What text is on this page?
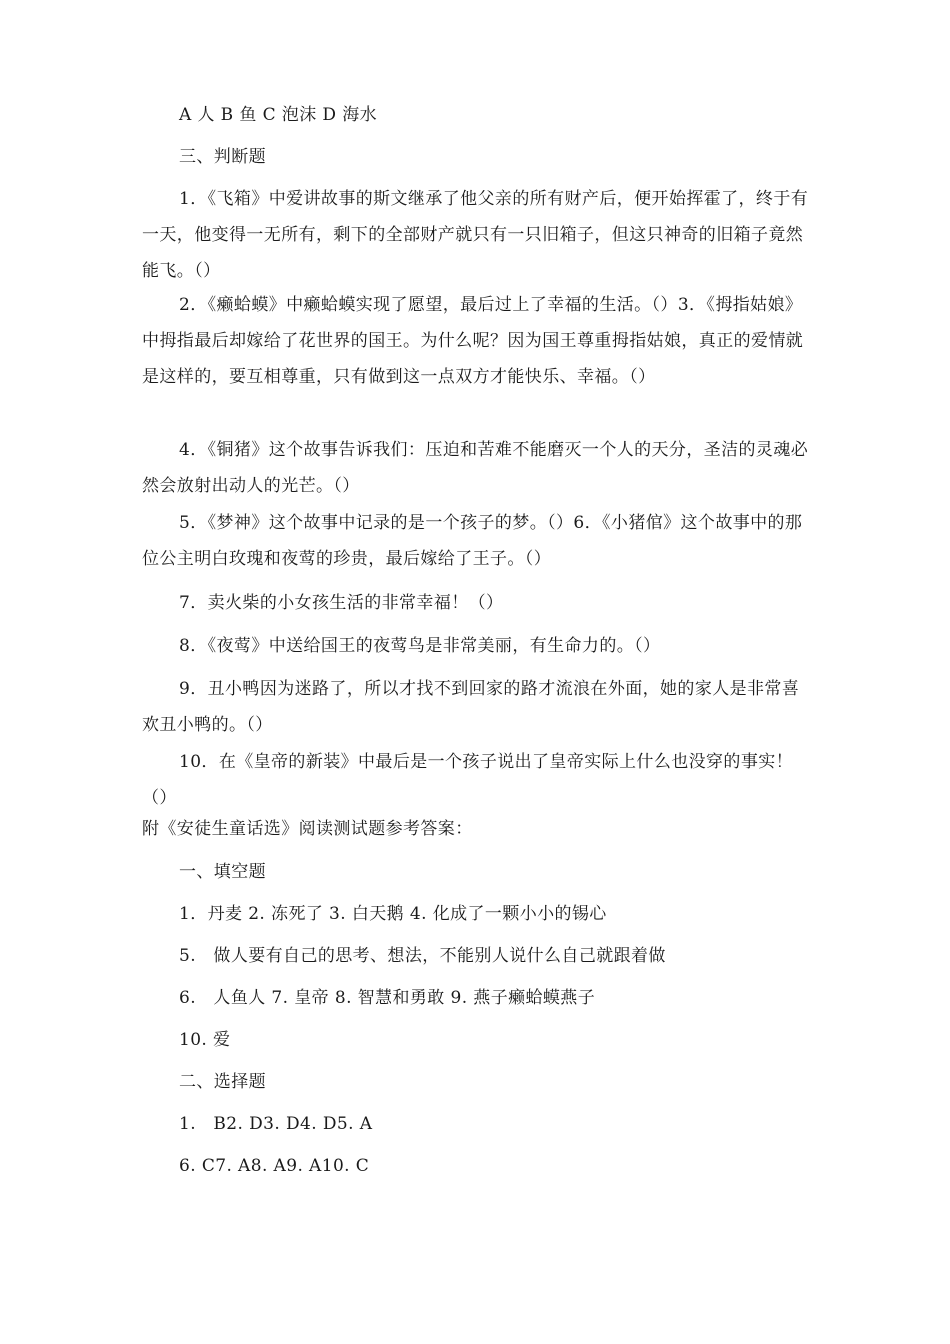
A 人 B 鱼 C 泡沫 D 海水
三、判断题
1．《飞箱》中爱讲故事的斯文继承了他父亲的所有财产后，便开始挥霍了，终于有一天，他变得一无所有，剩下的全部财产就只有一只旧箱子，但这只神奇的旧箱子竟然能飞。（）
2．《癞蛤蟆》中癞蛤蟆实现了愿望，最后过上了幸福的生活。（）3．《拇指姑娘》中拇指最后却嫁给了花世界的国王。为什么呢？因为国王尊重拇指姑娘，真正的爱情就是这样的，要互相尊重，只有做到这一点双方才能快乐、幸福。（）
4．《铜猪》这个故事告诉我们：压迫和苦难不能磨灭一个人的天分，圣洁的灵魂必然会放射出动人的光芒。（）
5．《梦神》这个故事中记录的是一个孩子的梦。（）6．《小猪倌》这个故事中的那位公主明白玫瑰和夜莺的珍贵，最后嫁给了王子。（）
7．卖火柴的小女孩生活的非常幸福！（）
8．《夜莺》中送给国王的夜莺鸟是非常美丽，有生命力的。（）
9．丑小鸭因为迷路了，所以才找不到回家的路才流浪在外面，她的家人是非常喜欢丑小鸭的。（）
10．在《皇帝的新装》中最后是一个孩子说出了皇帝实际上什么也没穿的事实！（）
附《安徒生童话选》阅读测试题参考答案：
一、填空题
1．丹麦 2. 冻死了 3. 白天鹅 4. 化成了一颗小小的锡心
5.　做人要有自己的思考、想法，不能别人说什么自己就跟着做
6.　人鱼人 7. 皇帝 8. 智慧和勇敢 9. 燕子癞蛤蟆燕子
10. 爱
二、选择题
1.　B2. D3. D4. D5. A
6. C7. A8. A9. A10. C
